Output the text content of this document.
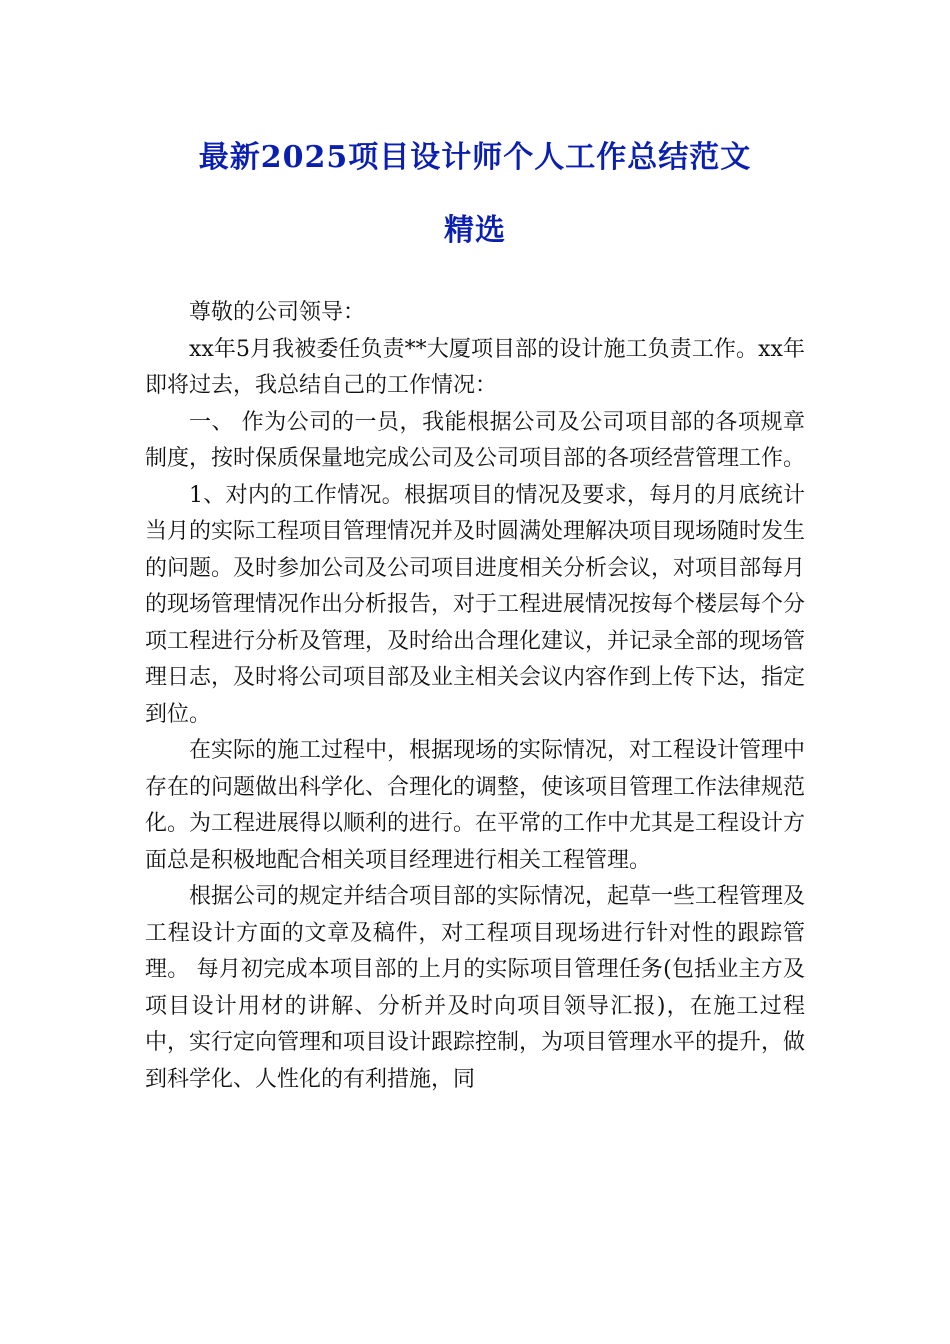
最新2025项目设计师个人工作总结范文
精选

尊敬的公司领导：

xx年5月我被委任负责**大厦项目部的设计施工负责工作。xx年即将过去，我总结自己的工作情况：

一、 作为公司的一员，我能根据公司及公司项目部的各项规章制度，按时保质保量地完成公司及公司项目部的各项经营管理工作。

1、对内的工作情况。根据项目的情况及要求，每月的月底统计当月的实际工程项目管理情况并及时圆满处理解决项目现场随时发生的问题。及时参加公司及公司项目进度相关分析会议，对项目部每月的现场管理情况作出分析报告，对于工程进展情况按每个楼层每个分项工程进行分析及管理，及时给出合理化建议，并记录全部的现场管理日志，及时将公司项目部及业主相关会议内容作到上传下达，指定到位。

在实际的施工过程中，根据现场的实际情况，对工程设计管理中存在的问题做出科学化、合理化的调整，使该项目管理工作法律规范化。为工程进展得以顺利的进行。在平常的工作中尤其是工程设计方面总是积极地配合相关项目经理进行相关工程管理。

根据公司的规定并结合项目部的实际情况，起草一些工程管理及工程设计方面的文章及稿件，对工程项目现场进行针对性的跟踪管理。 每月初完成本项目部的上月的实际项目管理任务(包括业主方及项目设计用材的讲解、分析并及时向项目领导汇报)，在施工过程中，实行定向管理和项目设计跟踪控制，为项目管理水平的提升，做到科学化、人性化的有利措施，同
